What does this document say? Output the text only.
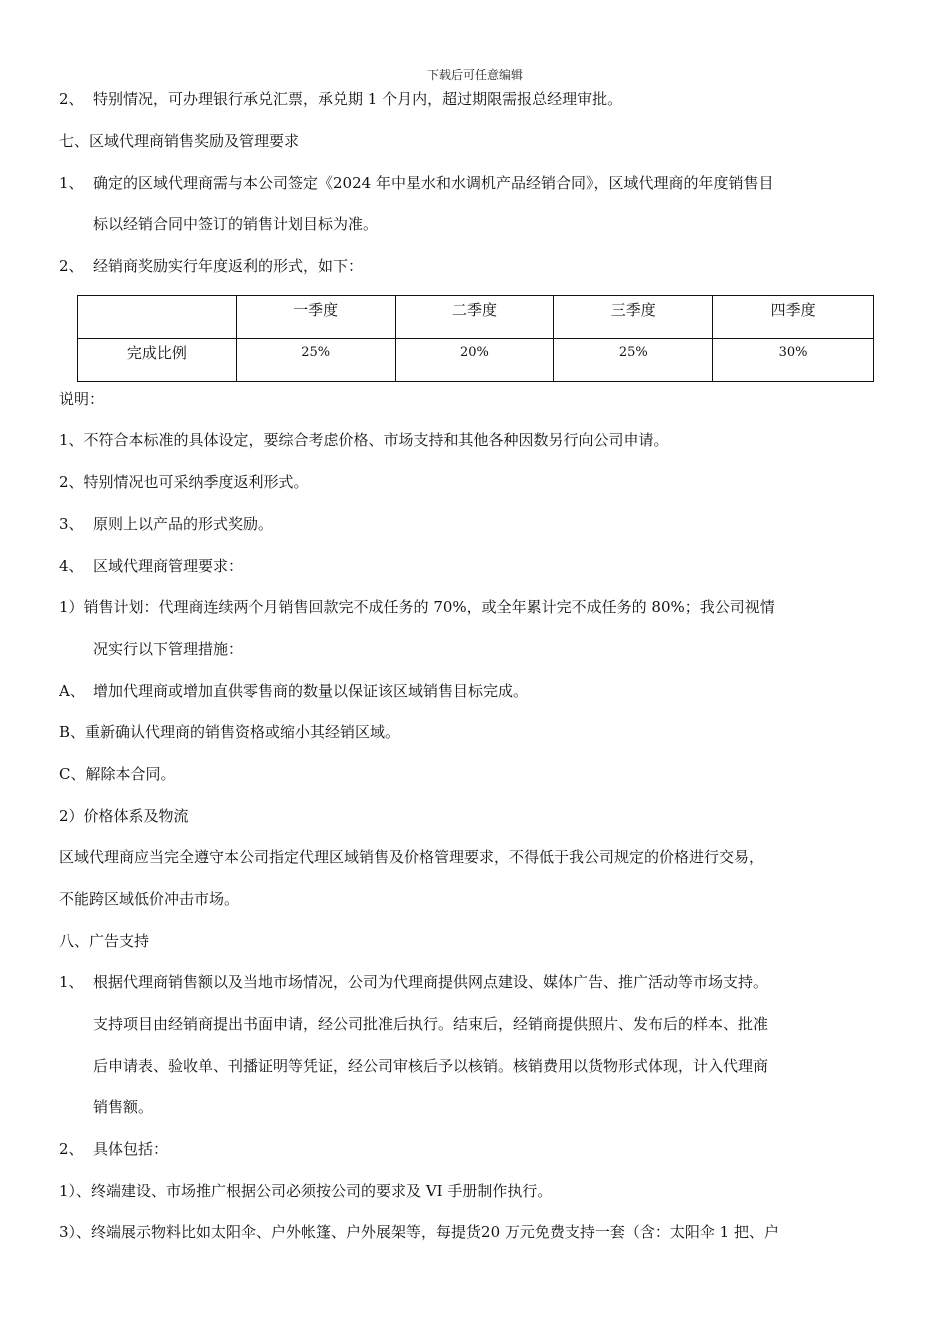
下载后可任意编辑
2、 特别情况，可办理银行承兑汇票，承兑期 1 个月内，超过期限需报总经理审批。
七、区域代理商销售奖励及管理要求
1、 确定的区域代理商需与本公司签定《2024 年中星水和水调机产品经销合同》，区域代理商的年度销售目
标以经销合同中签订的销售计划目标为准。
2、 经销商奖励实行年度返利的形式，如下：
	一季度	二季度	三季度	四季度
完成比例	25%	20%	25%	30%
说明：
1、不符合本标准的具体设定，要综合考虑价格、市场支持和其他各种因数另行向公司申请。
2、特别情况也可采纳季度返利形式。
3、 原则上以产品的形式奖励。
4、 区域代理商管理要求：
1）销售计划：代理商连续两个月销售回款完不成任务的 70%，或全年累计完不成任务的 80%；我公司视情
况实行以下管理措施：
A、 增加代理商或增加直供零售商的数量以保证该区域销售目标完成。
B、重新确认代理商的销售资格或缩小其经销区域。
C、解除本合同。
2）价格体系及物流
区域代理商应当完全遵守本公司指定代理区域销售及价格管理要求，不得低于我公司规定的价格进行交易，
不能跨区域低价冲击市场。
八、广告支持
1、 根据代理商销售额以及当地市场情况，公司为代理商提供网点建设、媒体广告、推广活动等市场支持。
支持项目由经销商提出书面申请，经公司批准后执行。结束后，经销商提供照片、发布后的样本、批准
后申请表、验收单、刊播证明等凭证，经公司审核后予以核销。核销费用以货物形式体现，计入代理商
销售额。
2、 具体包括：
1）、终端建设、市场推广根据公司必须按公司的要求及 VI 手册制作执行。
3）、终端展示物料比如太阳伞、户外帐篷、户外展架等，每提货20 万元免费支持一套（含：太阳伞 1 把、户
